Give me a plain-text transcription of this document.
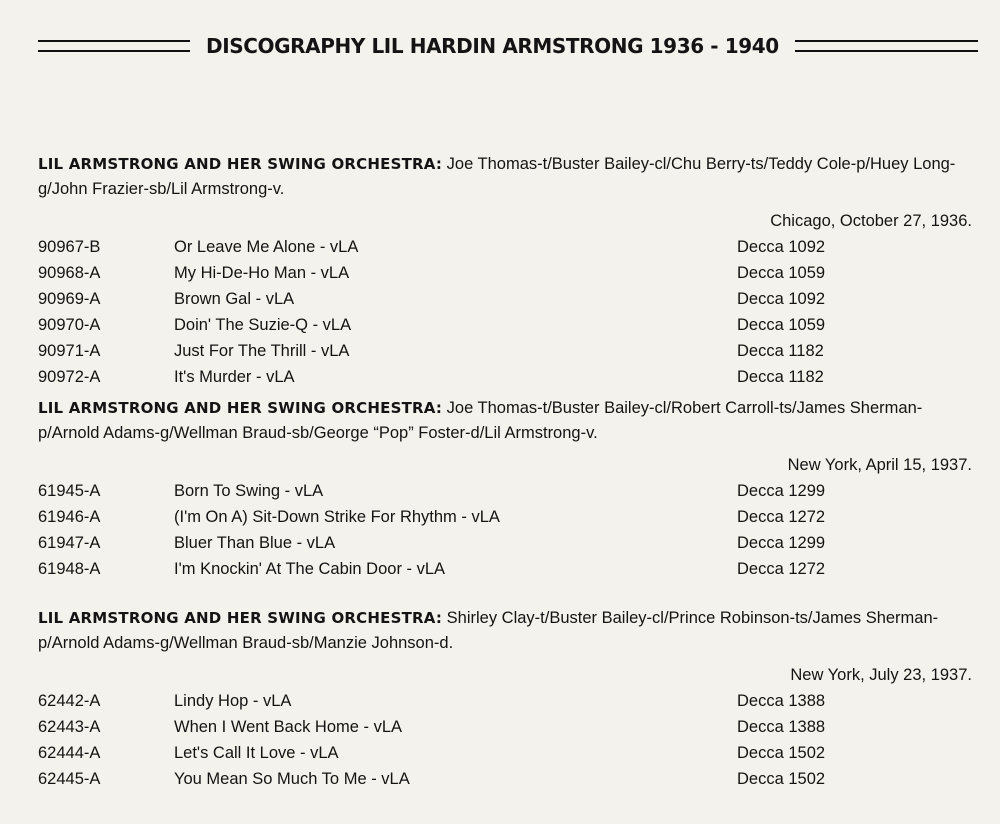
DISCOGRAPHY LIL HARDIN ARMSTRONG 1936 - 1940

LIL ARMSTRONG AND HER SWING ORCHESTRA: Joe Thomas-t/Buster Bailey-cl/Chu Berry-ts/Teddy Cole-p/Huey Long-g/John Frazier-sb/Lil Armstrong-v.

Chicago, October 27, 1936.
90967-B	Or Leave Me Alone - vLA	Decca 1092
90968-A	My Hi-De-Ho Man - vLA	Decca 1059
90969-A	Brown Gal - vLA	Decca 1092
90970-A	Doin' The Suzie-Q - vLA	Decca 1059
90971-A	Just For The Thrill - vLA	Decca 1182
90972-A	It's Murder - vLA	Decca 1182

LIL ARMSTRONG AND HER SWING ORCHESTRA: Joe Thomas-t/Buster Bailey-cl/Robert Carroll-ts/James Sherman-p/Arnold Adams-g/Wellman Braud-sb/George “Pop” Foster-d/Lil Armstrong-v.

New York, April 15, 1937.
61945-A	Born To Swing - vLA	Decca 1299
61946-A	(I'm On A) Sit-Down Strike For Rhythm - vLA	Decca 1272
61947-A	Bluer Than Blue - vLA	Decca 1299
61948-A	I'm Knockin' At The Cabin Door - vLA	Decca 1272

LIL ARMSTRONG AND HER SWING ORCHESTRA: Shirley Clay-t/Buster Bailey-cl/Prince Robinson-ts/James Sherman-p/Arnold Adams-g/Wellman Braud-sb/Manzie Johnson-d.

New York, July 23, 1937.
62442-A	Lindy Hop - vLA	Decca 1388
62443-A	When I Went Back Home - vLA	Decca 1388
62444-A	Let's Call It Love - vLA	Decca 1502
62445-A	You Mean So Much To Me - vLA	Decca 1502
